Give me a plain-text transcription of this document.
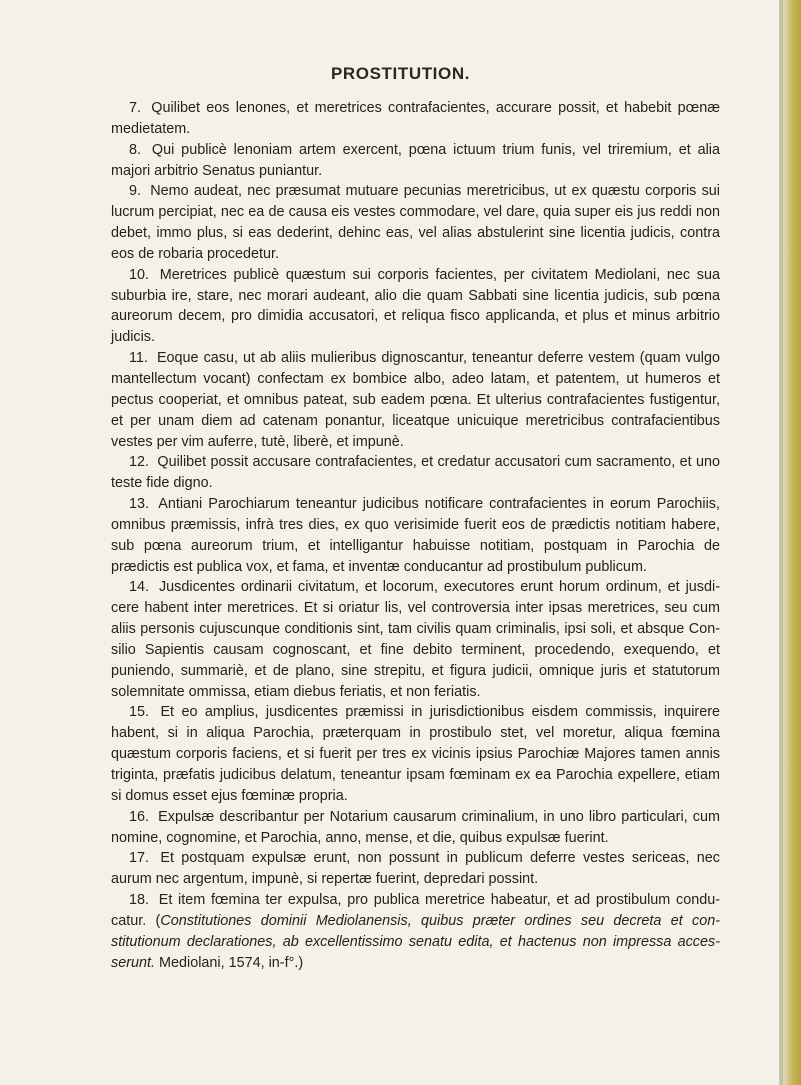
PROSTITUTION.

7. Quilibet eos lenones, et meretrices contrafacientes, accurare possit, et habebit pœnæ medietatem.

8. Qui publicè lenoniam artem exercent, pœna ictuum trium funis, vel triremium, et alia majori arbitrio Senatus puniantur.

9. Nemo audeat, nec præsumat mutuare pecunias meretricibus, ut ex quæstu corporis sui lucrum percipiat, nec ea de causa eis vestes commodare, vel dare, quia super eis jus reddi non debet, immo plus, si eas dederint, dehinc eas, vel alias abstulerint sine licentia judicis, contra eos de robaria procedetur.

10. Meretrices publicè quæstum sui corporis facientes, per civitatem Mediolani, nec sua suburbia ire, stare, nec morari audeant, alio die quam Sabbati sine licentia judicis, sub pœna aureorum decem, pro dimidia accusatori, et reliqua fisco applicanda, et plus et minus arbitrio judicis.

11. Eoque casu, ut ab aliis mulieribus dignoscantur, teneantur deferre vestem (quam vulgo mantellectum vocant) confectam ex bombice albo, adeo latam, et patentem, ut humeros et pectus cooperiat, et omnibus pateat, sub eadem pœna. Et ulterius contrafacientes fustigentur, et per unam diem ad catenam ponantur, liceatque unicuique meretricibus contrafacientibus vestes per vim auferre, tutè, liberè, et impunè.

12. Quilibet possit accusare contrafacientes, et credatur accusatori cum sacramento, et uno teste fide digno.

13. Antiani Parochiarum teneantur judicibus notificare contrafacientes in eorum Parochiis, omnibus præmissis, infrà tres dies, ex quo verisimide fuerit eos de prædictis notitiam habere, sub pœna aureorum trium, et intelligantur habuisse notitiam, postquam in Parochia de prædictis est publica vox, et fama, et inventæ conducantur ad prostibulum publicum.

14. Jusdicentes ordinarii civitatum, et locorum, executores erunt horum ordinum, et jusdi-cere habent inter meretrices. Et si oriatur lis, vel controversia inter ipsas meretrices, seu cum aliis personis cujuscunque conditionis sint, tam civilis quam criminalis, ipsi soli, et absque Con-silio Sapientis causam cognoscant, et fine debito terminent, procedendo, exequendo, et puniendo, summariè, et de plano, sine strepitu, et figura judicii, omnique juris et statutorum solemnitate ommissa, etiam diebus feriatis, et non feriatis.

15. Et eo amplius, jusdicentes præmissi in jurisdictionibus eisdem commissis, inquirere habent, si in aliqua Parochia, præterquam in prostibulo stet, vel moretur, aliqua fœmina quæstum corporis faciens, et si fuerit per tres ex vicinis ipsius Parochiæ Majores tamen annis triginta, præfatis judicibus delatum, teneantur ipsam fœminam ex ea Parochia expellere, etiam si domus esset ejus fœminæ propria.

16. Expulsæ describantur per Notarium causarum criminalium, in uno libro particulari, cum nomine, cognomine, et Parochia, anno, mense, et die, quibus expulsæ fuerint.

17. Et postquam expulsæ erunt, non possunt in publicum deferre vestes sericeas, nec aurum nec argentum, impunè, si repertæ fuerint, depredari possint.

18. Et item fœmina ter expulsa, pro publica meretrice habeatur, et ad prostibulum condu-catur. (Constitutiones dominii Mediolanensis, quibus præter ordines seu decreta et con-stitutionum declarationes, ab excellentissimo senatu edita, et hactenus non impressa acces-serunt. Mediolani, 1574, in-f°.)
